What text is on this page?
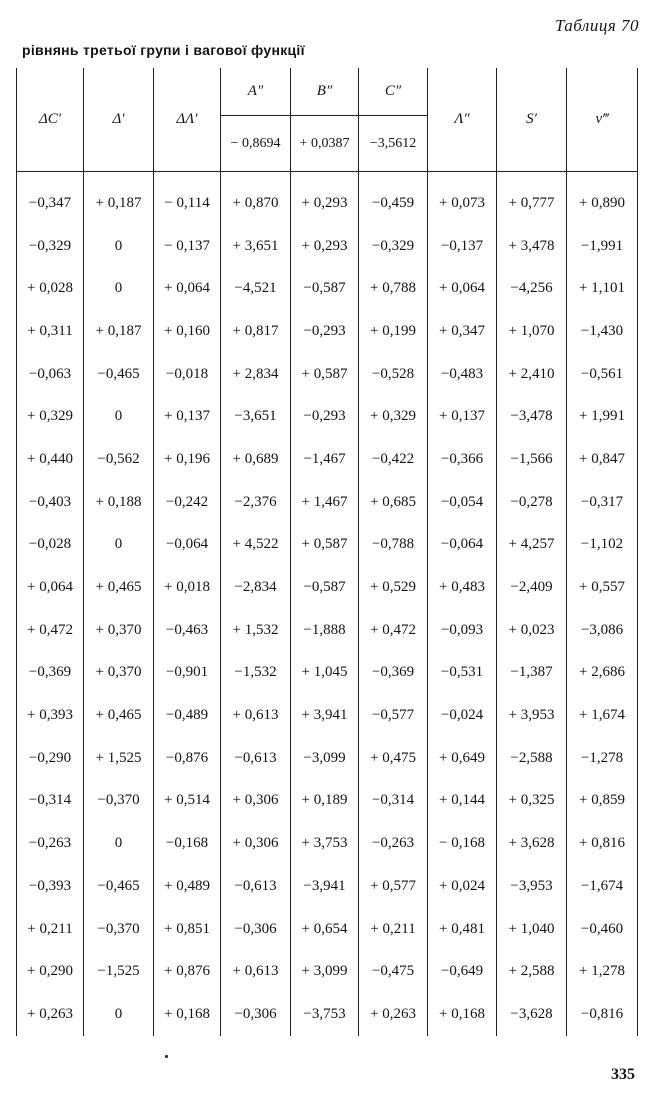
Таблиця 70
рівнянь третьої групи і вагової функції
ΔC′	Δ′	ΔΛ′	A″	B″	C″	Λ″	S′	v‴
			− 0,8694	+ 0,0387	−3,5612			
−0,347	+ 0,187	− 0,114	+ 0,870	+ 0,293	−0,459	+ 0,073	+ 0,777	+ 0,890
−0,329	0	− 0,137	+ 3,651	+ 0,293	−0,329	−0,137	+ 3,478	−1,991
+ 0,028	0	+ 0,064	−4,521	−0,587	+ 0,788	+ 0,064	−4,256	+ 1,101
+ 0,311	+ 0,187	+ 0,160	+ 0,817	−0,293	+ 0,199	+ 0,347	+ 1,070	−1,430
−0,063	−0,465	−0,018	+ 2,834	+ 0,587	−0,528	−0,483	+ 2,410	−0,561
+ 0,329	0	+ 0,137	−3,651	−0,293	+ 0,329	+ 0,137	−3,478	+ 1,991
+ 0,440	−0,562	+ 0,196	+ 0,689	−1,467	−0,422	−0,366	−1,566	+ 0,847
−0,403	+ 0,188	−0,242	−2,376	+ 1,467	+ 0,685	−0,054	−0,278	−0,317
−0,028	0	−0,064	+ 4,522	+ 0,587	−0,788	−0,064	+ 4,257	−1,102
+ 0,064	+ 0,465	+ 0,018	−2,834	−0,587	+ 0,529	+ 0,483	−2,409	+ 0,557
+ 0,472	+ 0,370	−0,463	+ 1,532	−1,888	+ 0,472	−0,093	+ 0,023	−3,086
−0,369	+ 0,370	−0,901	−1,532	+ 1,045	−0,369	−0,531	−1,387	+ 2,686
+ 0,393	+ 0,465	−0,489	+ 0,613	+ 3,941	−0,577	−0,024	+ 3,953	+ 1,674
−0,290	+ 1,525	−0,876	−0,613	−3,099	+ 0,475	+ 0,649	−2,588	−1,278
−0,314	−0,370	+ 0,514	+ 0,306	+ 0,189	−0,314	+ 0,144	+ 0,325	+ 0,859
−0,263	0	−0,168	+ 0,306	+ 3,753	−0,263	− 0,168	+ 3,628	+ 0,816
−0,393	−0,465	+ 0,489	−0,613	−3,941	+ 0,577	+ 0,024	−3,953	−1,674
+ 0,211	−0,370	+ 0,851	−0,306	+ 0,654	+ 0,211	+ 0,481	+ 1,040	−0,460
+ 0,290	−1,525	+ 0,876	+ 0,613	+ 3,099	−0,475	−0,649	+ 2,588	+ 1,278
+ 0,263	0	+ 0,168	−0,306	−3,753	+ 0,263	+ 0,168	−3,628	−0,816
335
